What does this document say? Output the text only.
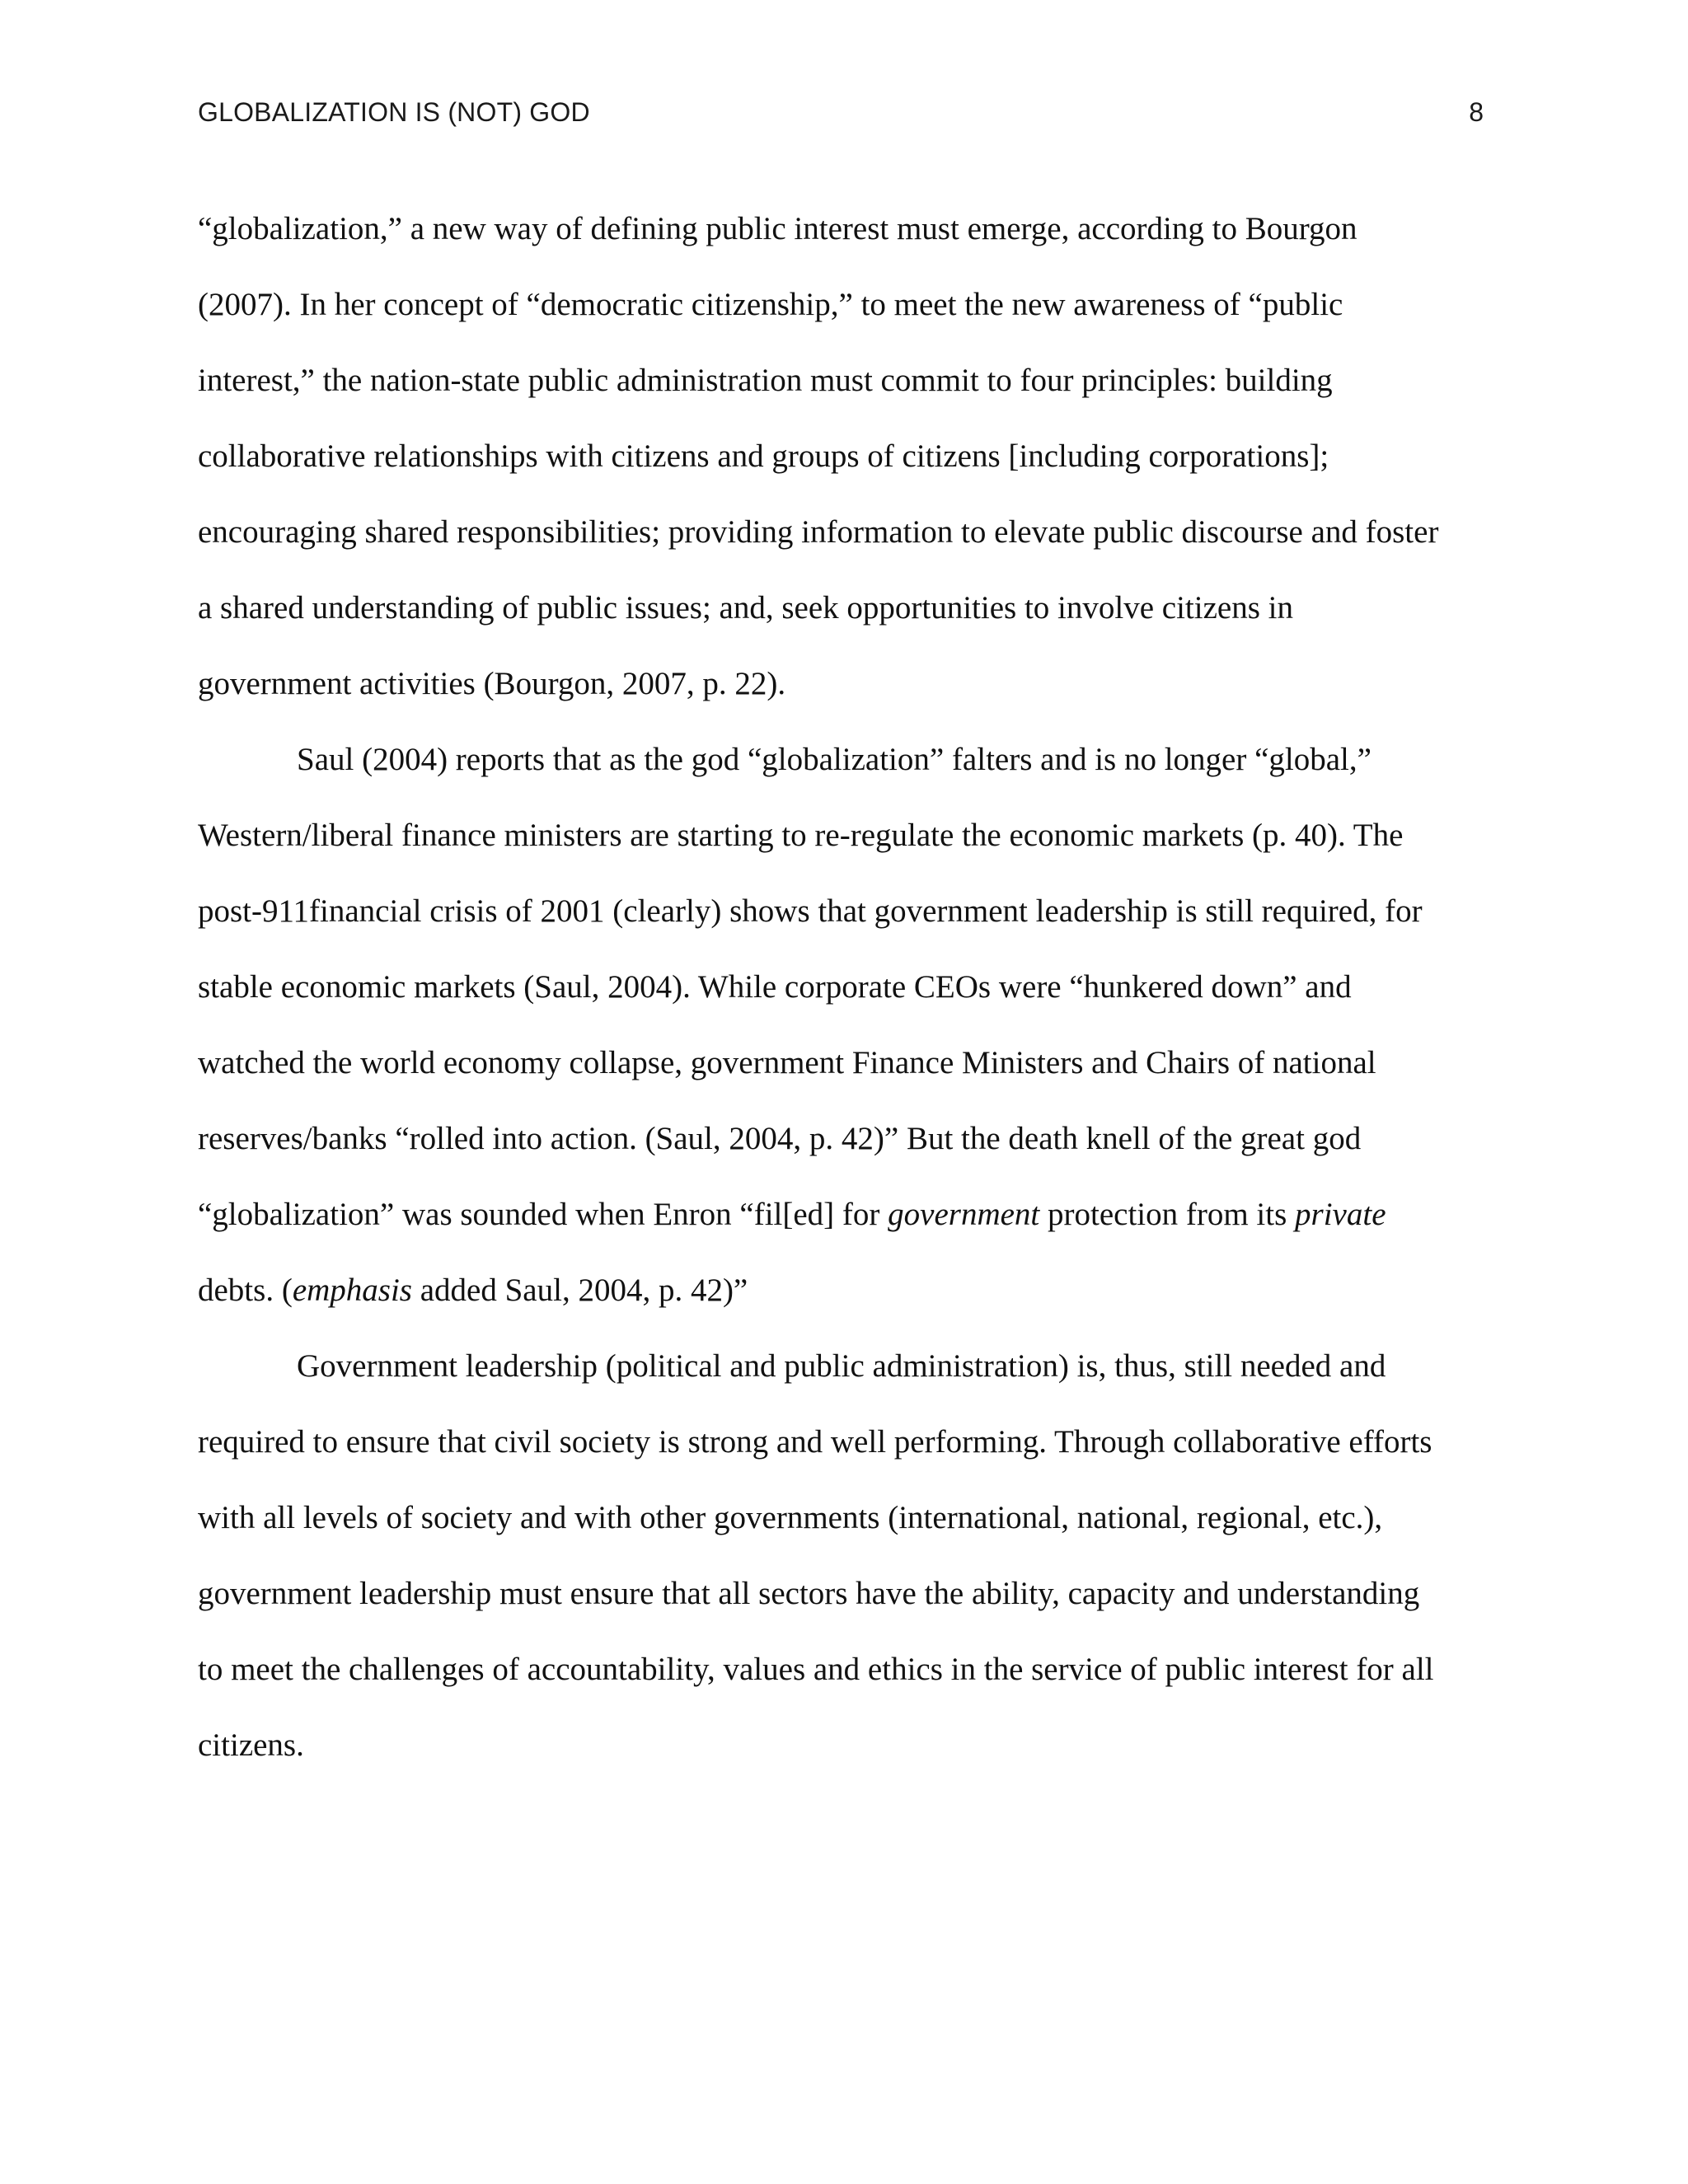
GLOBALIZATION IS (NOT) GOD	8

“globalization,” a new way of defining public interest must emerge, according to Bourgon
(2007). In her concept of “democratic citizenship,” to meet the new awareness of “public
interest,” the nation-state public administration must commit to four principles: building
collaborative relationships with citizens and groups of citizens [including corporations];
encouraging shared responsibilities; providing information to elevate public discourse and foster
a shared understanding of public issues; and, seek opportunities to involve citizens in
government activities (Bourgon, 2007, p. 22).

Saul (2004) reports that as the god “globalization” falters and is no longer “global,”
Western/liberal finance ministers are starting to re-regulate the economic markets (p. 40). The
post-911financial crisis of 2001 (clearly) shows that government leadership is still required, for
stable economic markets (Saul, 2004). While corporate CEOs were “hunkered down” and
watched the world economy collapse, government Finance Ministers and Chairs of national
reserves/banks “rolled into action. (Saul, 2004, p. 42)” But the death knell of the great god
“globalization” was sounded when Enron “fil[ed] for government protection from its private
debts. (emphasis added Saul, 2004, p. 42)”

Government leadership (political and public administration) is, thus, still needed and
required to ensure that civil society is strong and well performing. Through collaborative efforts
with all levels of society and with other governments (international, national, regional, etc.),
government leadership must ensure that all sectors have the ability, capacity and understanding
to meet the challenges of accountability, values and ethics in the service of public interest for all
citizens.
